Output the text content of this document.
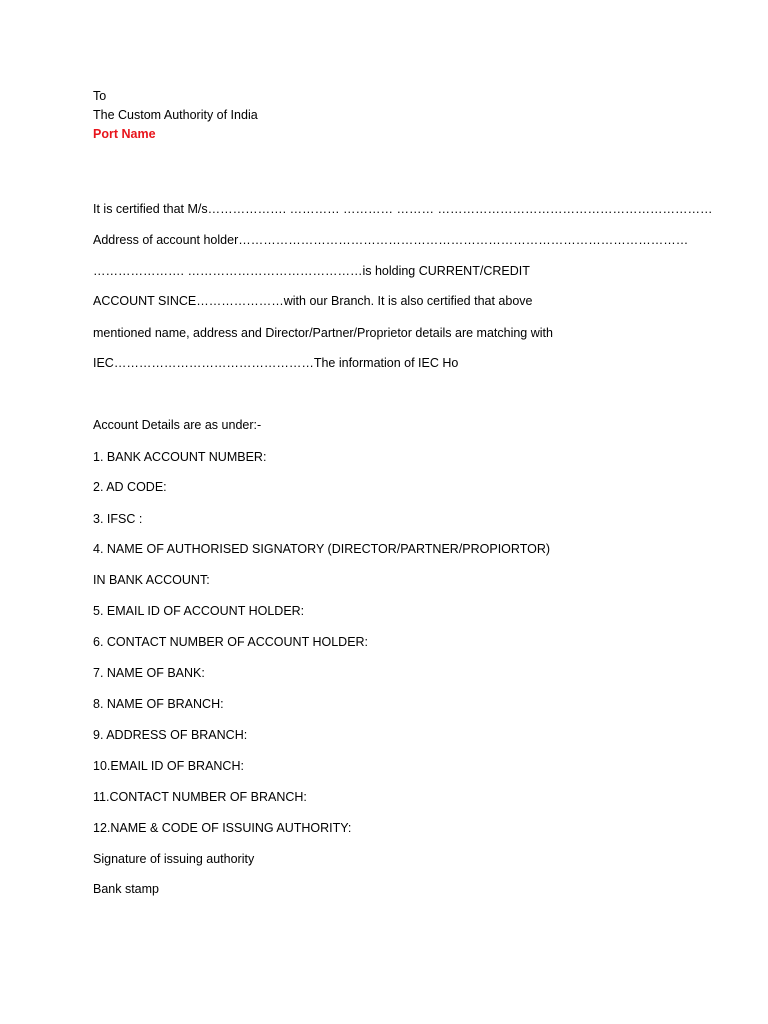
To
The Custom Authority of India
Port Name
It is certified that M/s………………. ………… ………… ……… …………………………………………………………
Address of account holder………………………………………………………………………………………………
…………………. ……………………………………is holding CURRENT/CREDIT
ACCOUNT SINCE…………………with our Branch. It is also certified that above
mentioned name, address and Director/Partner/Proprietor details are matching with
IEC…………………………………………The information of IEC Ho
Account Details are as under:-
1. BANK ACCOUNT NUMBER:
2. AD CODE:
3. IFSC :
4. NAME OF AUTHORISED SIGNATORY (DIRECTOR/PARTNER/PROPIORTOR)
IN BANK ACCOUNT:
5. EMAIL ID OF ACCOUNT HOLDER:
6. CONTACT NUMBER OF ACCOUNT HOLDER:
7. NAME OF BANK:
8. NAME OF BRANCH:
9. ADDRESS OF BRANCH:
10.EMAIL ID OF BRANCH:
11.CONTACT NUMBER OF BRANCH:
12.NAME & CODE OF ISSUING AUTHORITY:
Signature of issuing authority
Bank stamp
